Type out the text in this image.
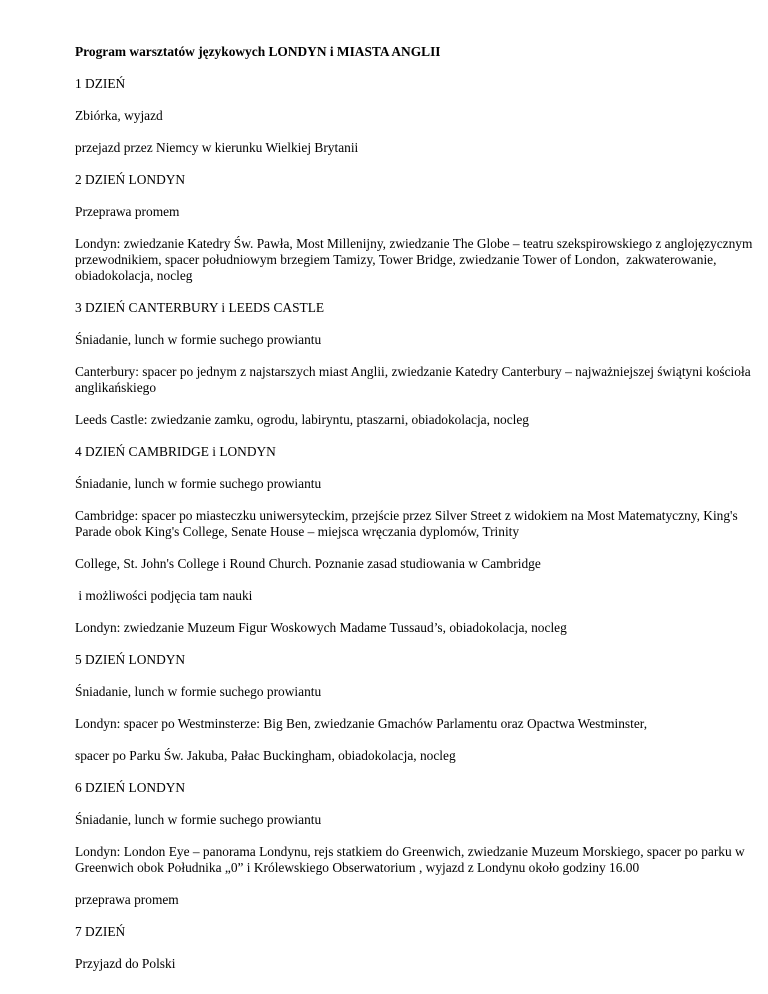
Program warsztatów językowych LONDYN i MIASTA ANGLII

1 DZIEŃ

Zbiórka, wyjazd

przejazd przez Niemcy w kierunku Wielkiej Brytanii

2 DZIEŃ LONDYN

Przeprawa promem

Londyn: zwiedzanie Katedry Św. Pawła, Most Millenijny, zwiedzanie The Globe – teatru szekspirowskiego z anglojęzycznym przewodnikiem, spacer południowym brzegiem Tamizy, Tower Bridge, zwiedzanie Tower of London,  zakwaterowanie, obiadokolacja, nocleg

3 DZIEŃ CANTERBURY i LEEDS CASTLE

Śniadanie, lunch w formie suchego prowiantu

Canterbury: spacer po jednym z najstarszych miast Anglii, zwiedzanie Katedry Canterbury – najważniejszej świątyni kościoła anglikańskiego

Leeds Castle: zwiedzanie zamku, ogrodu, labiryntu, ptaszarni, obiadokolacja, nocleg

4 DZIEŃ CAMBRIDGE i LONDYN

Śniadanie, lunch w formie suchego prowiantu

Cambridge: spacer po miasteczku uniwersyteckim, przejście przez Silver Street z widokiem na Most Matematyczny, King's Parade obok King's College, Senate House – miejsca wręczania dyplomów, Trinity

College, St. John's College i Round Church. Poznanie zasad studiowania w Cambridge

i możliwości podjęcia tam nauki

Londyn: zwiedzanie Muzeum Figur Woskowych Madame Tussaud’s, obiadokolacja, nocleg

5 DZIEŃ LONDYN

Śniadanie, lunch w formie suchego prowiantu

Londyn: spacer po Westminsterze: Big Ben, zwiedzanie Gmachów Parlamentu oraz Opactwa Westminster,

spacer po Parku Św. Jakuba, Pałac Buckingham, obiadokolacja, nocleg

6 DZIEŃ LONDYN

Śniadanie, lunch w formie suchego prowiantu

Londyn: London Eye – panorama Londynu, rejs statkiem do Greenwich, zwiedzanie Muzeum Morskiego, spacer po parku w Greenwich obok Południka „0” i Królewskiego Obserwatorium , wyjazd z Londynu około godziny 16.00

przeprawa promem

7 DZIEŃ

Przyjazd do Polski
